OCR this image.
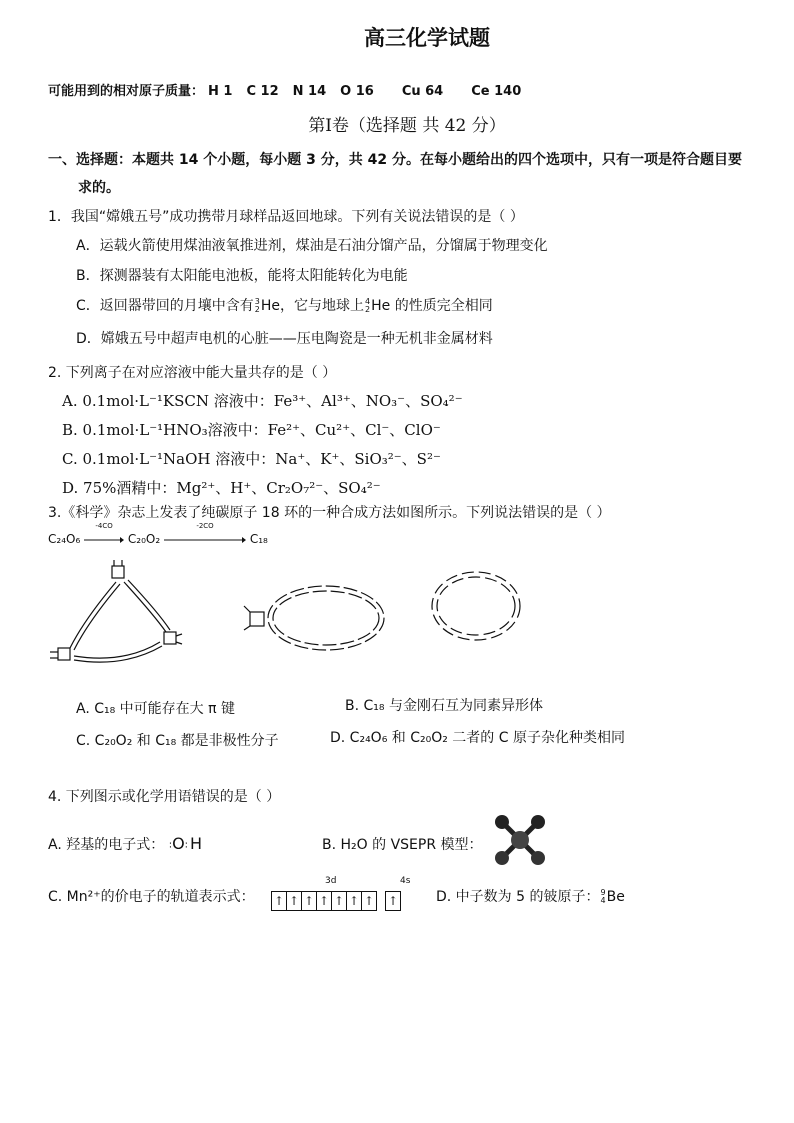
高三化学试题
可能用到的相对原子质量： H 1 C 12 N 14 O 16 Cu 64 Ce 140
第Ⅰ卷（选择题 共 42 分）
一、选择题：本题共 14 个小题，每小题 3 分，共 42 分。在每小题给出的四个选项中，只有一项是符合题目要
求的。
1．我国“嫦娥五号”成功携带月球样品返回地球。下列有关说法错误的是（ ）
A．运载火箭使用煤油液氧推进剂，煤油是石油分馏产品，分馏属于物理变化
B．探测器装有太阳能电池板，能将太阳能转化为电能
C．返回器带回的月壤中含有3
2He，它与地球上4
2He 的性质完全相同
D．嫦娥五号中超声电机的心脏——压电陶瓷是一种无机非金属材料
2. 下列离子在对应溶液中能大量共存的是（ ）
A. 0.1mol·L⁻¹KSCN 溶液中：Fe³⁺、Al³⁺、NO₃⁻、SO₄²⁻
B. 0.1mol·L⁻¹HNO₃溶液中：Fe²⁺、Cu²⁺、Cl⁻、ClO⁻
C. 0.1mol·L⁻¹NaOH 溶液中：Na⁺、K⁺、SiO₃²⁻、S²⁻
D. 75%酒精中：Mg²⁺、H⁺、Cr₂O₇²⁻、SO₄²⁻
3.《科学》杂志上发表了纯碳原子 18 环的一种合成方法如图所示。下列说法错误的是（ ）
C₂₄O₆
-4CO
C₂₀O₂
-2CO
C₁₈
A. C₁₈ 中可能存在大 π 键	B. C₁₈ 与金刚石互为同素异形体
C. C₂₀O₂ 和 C₁₈ 都是非极性分子	D. C₂₄O₆ 和 C₂₀O₂ 二者的 C 原子杂化种类相同
4. 下列图示或化学用语错误的是（ ）
A. 羟基的电子式： :O: H	B. H₂O 的 VSEPR 模型：
C. Mn²⁺的价电子的轨道表示式：
3d	4s
↑ ↑ ↑ ↑ ↑ ↑ ↑ ↑	D. 中子数为 5 的铍原子：9
4Be
